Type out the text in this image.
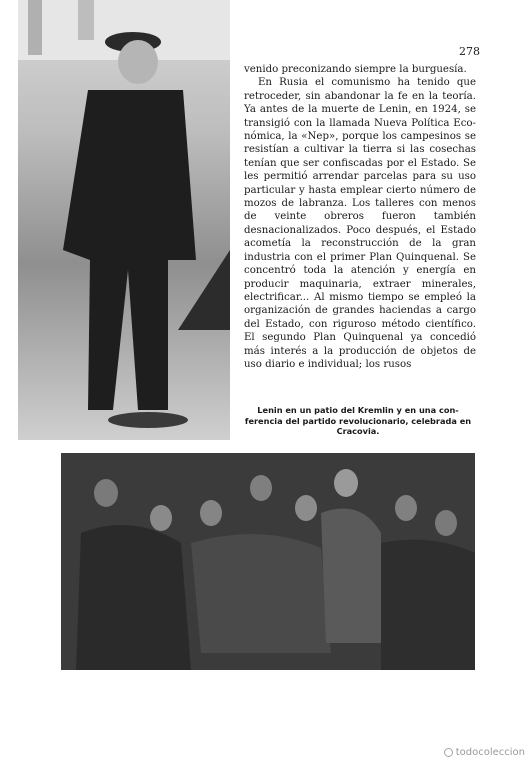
278

venido preconizando siempre la burguesía.

En Rusia el comunismo ha tenido que retroceder, sin abandonar la fe en la teoría. Ya antes de la muerte de Lenin, en 1924, se transigió con la llamada Nueva Política Económica, la «Nep», porque los campesinos se resistían a cultivar la tierra si las cosechas tenían que ser confiscadas por el Estado. Se les permitió arrendar parcelas para su uso particular y hasta emplear cierto número de mozos de labranza. Los talleres con menos de veinte obreros fueron también desnacionalizados. Poco después, el Estado acometía la reconstrucción de la gran industria con el primer Plan Quinquenal. Se concentró toda la atención y energía en producir maquinaria, extraer minerales, electrificar... Al mismo tiempo se empleó la organización de grandes haciendas a cargo del Estado, con riguroso método científico. El segundo Plan Quinquenal ya concedió más interés a la producción de objetos de uso diario e individual; los rusos

Lenin en un patio del Kremlin y en una conferencia del partido revolucionario, celebrada en Cracovia.
todocoleccion
